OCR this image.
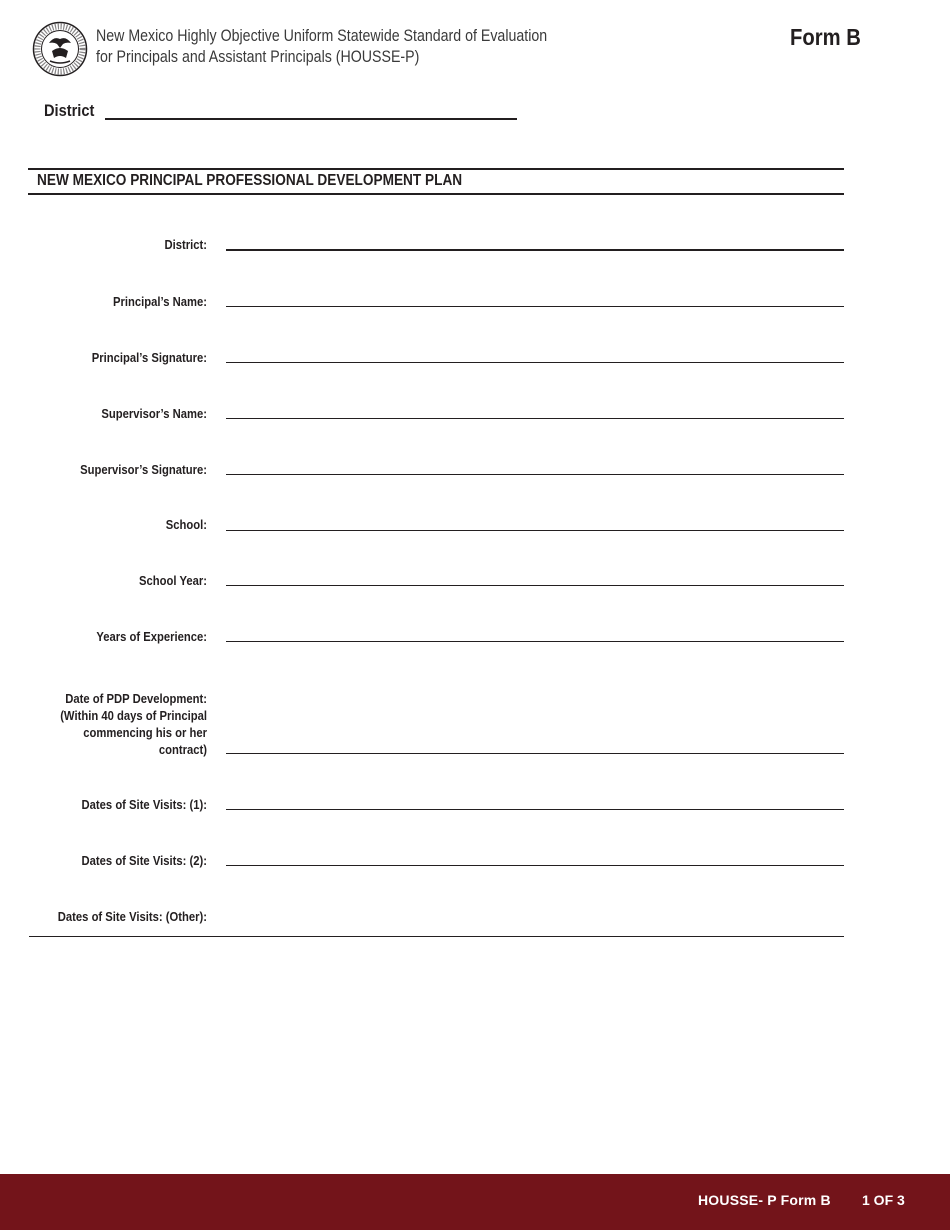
New Mexico Highly Objective Uniform Statewide Standard of Evaluation
for Principals and Assistant Principals (HOUSSE-P)
Form B
District
NEW MEXICO PRINCIPAL PROFESSIONAL DEVELOPMENT PLAN
District:
Principal’s Name:
Principal’s Signature:
Supervisor’s Name:
Supervisor’s Signature:
School:
School Year:
Years of Experience:
Date of PDP Development:
(Within 40 days of Principal
commencing his or her
contract)
Dates of Site Visits: (1):
Dates of Site Visits: (2):
Dates of Site Visits: (Other):
HOUSSE- P Form B 1 OF 3
